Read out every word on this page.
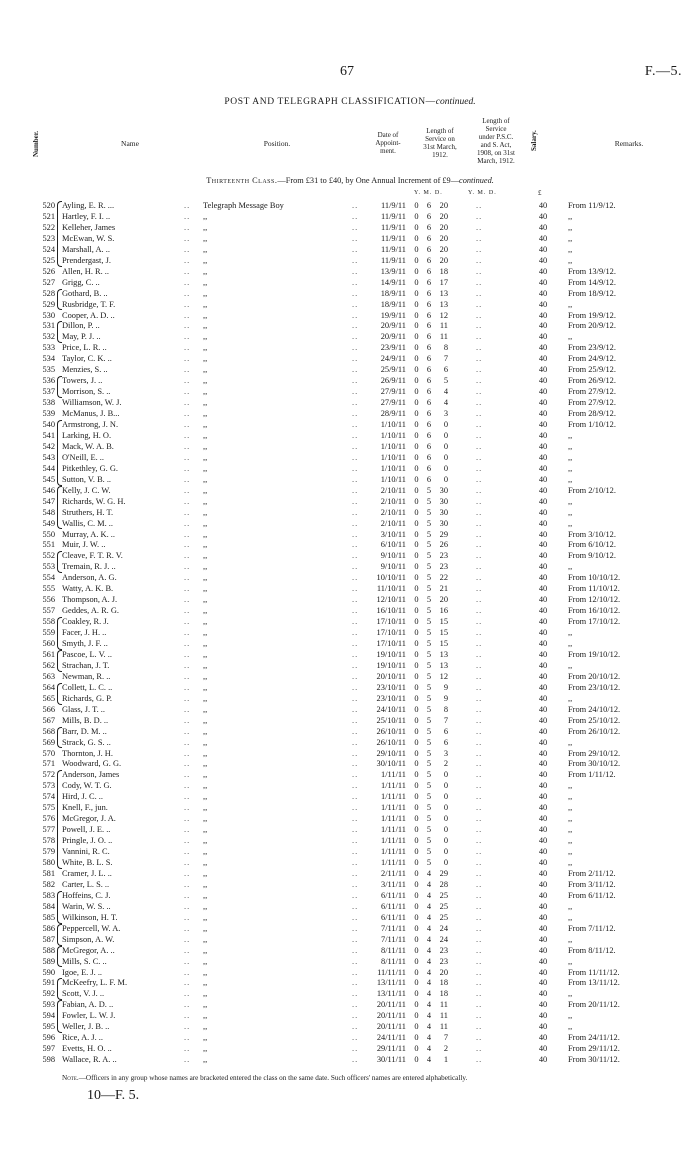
67	F.—5.
POST AND TELEGRAPH CLASSIFICATION—continued.
Number.	Name	Position.
Date of
Appoint-
ment.
Length of
Service on
31st March,
1912.
Length of
Service
under P.S.C.
and S. Act,
1908, on 31st
March, 1912.
Salary.	Remarks.
Thirteenth Class.—From £31 to £40, by One Annual Increment of £9—continued.
Y. M. D.	Y. M. D.	£
520 Ayling, E. R. ...	.. Telegraph Message Boy	..	11/9/11 0 6	20	..	40	From 11/9/12.
521 Hartley, F. I. ..	.. ,,	..	11/9/11 0 6	20	..	40	,,
522 Kelleher, James	.. ,,	..	11/9/11 0 6	20	..	40	,,
523 McEwan, W. S.	.. ,,	..	11/9/11 0 6	20	..	40	,,
524 Marshall, A. ..	.. ,,	..	11/9/11 0 6	20	..	40	,,
525 Prendergast, J.	.. ,,	..	11/9/11 0 6	20	..	40	,,
526 Allen, H. R. ..	.. ,,	..	13/9/11 0 6	18	..	40	From 13/9/12.
527 Grigg, C. ..	.. ,,	..	14/9/11 0 6	17	..	40	From 14/9/12.
528 Gothard, B. ..	.. ,,	..	18/9/11 0 6	13	..	40	From 18/9/12.
529 Rusbridge, T. F.	.. ,,	..	18/9/11 0 6	13	..	40	,,
530 Cooper, A. D. ..	.. ,,	..	19/9/11 0 6	12	..	40	From 19/9/12.
531 Dillon, P. ..	.. ,,	..	20/9/11 0 6	11	..	40	From 20/9/12.
532 May, P. J. ..	.. ,,	..	20/9/11 0 6	11	..	40	,,
533 Price, L. R. ..	.. ,,	..	23/9/11 0 6	8	..	40	From 23/9/12.
534 Taylor, C. K. ..	.. ,,	..	24/9/11 0 6	7	..	40	From 24/9/12.
535 Menzies, S. ..	.. ,,	..	25/9/11 0 6	6	..	40	From 25/9/12.
536 Towers, J. ..	.. ,,	..	26/9/11 0 6	5	..	40	From 26/9/12.
537 Morrison, S. ..	.. ,,	..	27/9/11 0 6	4	..	40	From 27/9/12.
538 Williamson, W. J.	.. ,,	..	27/9/11 0 6	4	..	40	From 27/9/12.
539 McManus, J. B...	.. ,,	..	28/9/11 0 6	3	..	40	From 28/9/12.
540 Armstrong, J. N.	.. ,,	..	1/10/11 0 6	0	..	40	From 1/10/12.
541 Larking, H. O.	.. ,,	..	1/10/11 0 6	0	..	40	,,
542 Mack, W. A. B.	.. ,,	..	1/10/11 0 6	0	..	40	,,
543 O'Neill, E. ..	.. ,,	..	1/10/11 0 6	0	..	40	,,
544 Pitkethley, G. G.	.. ,,	..	1/10/11 0 6	0	..	40	,,
545 Sutton, V. B. ..	.. ,,	..	1/10/11 0 6	0	..	40	,,
546 Kelly, J. C. W.	.. ,,	..	2/10/11 0 5	30	..	40	From 2/10/12.
547 Richards, W. G. H.	.. ,,	..	2/10/11 0 5	30	..	40	,,
548 Struthers, H. T.	.. ,,	..	2/10/11 0 5	30	..	40	,,
549 Wallis, C. M. ..	.. ,,	..	2/10/11 0 5	30	..	40	,,
550 Murray, A. K. ..	.. ,,	..	3/10/11 0 5	29	..	40	From 3/10/12.
551 Muir, J. W. ..	.. ,,	..	6/10/11 0 5	26	..	40	From 6/10/12.
552 Cleave, F. T. R. V.	.. ,,	..	9/10/11 0 5	23	..	40	From 9/10/12.
553 Tremain, R. J. ..	.. ,,	..	9/10/11 0 5	23	..	40	,,
554 Anderson, A. G.	.. ,,	..	10/10/11 0 5	22	..	40	From 10/10/12.
555 Watty, A. K. B.	.. ,,	..	11/10/11 0 5	21	..	40	From 11/10/12.
556 Thompson, A. J.	.. ,,	..	12/10/11 0 5	20	..	40	From 12/10/12.
557 Geddes, A. R. G.	.. ,,	..	16/10/11 0 5	16	..	40	From 16/10/12.
558 Coakley, R. J.	.. ,,	..	17/10/11 0 5	15	..	40	From 17/10/12.
559 Facer, J. H. ..	.. ,,	..	17/10/11 0 5	15	..	40	,,
560 Smyth, J. F. ..	.. ,,	..	17/10/11 0 5	15	..	40	,,
561 Pascoe, L. V. ..	.. ,,	..	19/10/11 0 5	13	..	40	From 19/10/12.
562 Strachan, J. T.	.. ,,	..	19/10/11 0 5	13	..	40	,,
563 Newman, R. ..	.. ,,	..	20/10/11 0 5	12	..	40	From 20/10/12.
564 Collett, L. C. ..	.. ,,	..	23/10/11 0 5	9	..	40	From 23/10/12.
565 Richards, G. P.	.. ,,	..	23/10/11 0 5	9	..	40	,,
566 Glass, J. T. ..	.. ,,	..	24/10/11 0 5	8	..	40	From 24/10/12.
567 Mills, B. D. ..	.. ,,	..	25/10/11 0 5	7	..	40	From 25/10/12.
568 Barr, D. M. ..	.. ,,	..	26/10/11 0 5	6	..	40	From 26/10/12.
569 Strack, G. S. ..	.. ,,	..	26/10/11 0 5	6	..	40	,,
570 Thornton, J. H.	.. ,,	..	29/10/11 0 5	3	..	40	From 29/10/12.
571 Woodward, G. G.	.. ,,	..	30/10/11 0 5	2	..	40	From 30/10/12.
572 Anderson, James	.. ,,	..	1/11/11 0 5	0	..	40	From 1/11/12.
573 Cody, W. T. G.	.. ,,	..	1/11/11 0 5	0	..	40	,,
574 Hird, J. C. ..	.. ,,	..	1/11/11 0 5	0	..	40	,,
575 Knell, F., jun.	.. ,,	..	1/11/11 0 5	0	..	40	,,
576 McGregor, J. A.	.. ,,	..	1/11/11 0 5	0	..	40	,,
577 Powell, J. E. ..	.. ,,	..	1/11/11 0 5	0	..	40	,,
578 Pringle, J. O. ..	.. ,,	..	1/11/11 0 5	0	..	40	,,
579 Vannini, R. C.	.. ,,	..	1/11/11 0 5	0	..	40	,,
580 White, B. L. S.	.. ,,	..	1/11/11 0 5	0	..	40	,,
581 Cramer, J. L. ..	.. ,,	..	2/11/11 0 4	29	..	40	From 2/11/12.
582 Carter, L. S. ..	.. ,,	..	3/11/11 0 4	28	..	40	From 3/11/12.
583 Hoffeins, C. J.	.. ,,	..	6/11/11 0 4	25	..	40	From 6/11/12.
584 Warin, W. S. ..	.. ,,	..	6/11/11 0 4	25	..	40	,,
585 Wilkinson, H. T.	.. ,,	..	6/11/11 0 4	25	..	40	,,
586 Peppercell, W. A.	.. ,,	..	7/11/11 0 4	24	..	40	From 7/11/12.
587 Simpson, A. W.	.. ,,	..	7/11/11 0 4	24	..	40	,,
588 McGregor, A. ..	.. ,,	..	8/11/11 0 4	23	..	40	From 8/11/12.
589 Mills, S. C. ..	.. ,,	..	8/11/11 0 4	23	..	40	,,
590 Igoe, E. J. ..	.. ,,	..	11/11/11 0 4	20	..	40	From 11/11/12.
591 McKeefry, L. F. M.	.. ,,	..	13/11/11 0 4	18	..	40	From 13/11/12.
592 Scott, V. J. ..	.. ,,	..	13/11/11 0 4	18	..	40	,,
593 Fabian, A. D. ..	.. ,,	..	20/11/11 0 4	11	..	40	From 20/11/12.
594 Fowler, L. W. J.	.. ,,	..	20/11/11 0 4	11	..	40	,,
595 Weller, J. B. ..	.. ,,	..	20/11/11 0 4	11	..	40	,,
596 Rice, A. J. ..	.. ,,	..	24/11/11 0 4	7	..	40	From 24/11/12.
597 Evetts, H. O. ..	.. ,,	..	29/11/11 0 4	2	..	40	From 29/11/12.
598 Wallace, R. A. ..	.. ,,	..	30/11/11 0 4	1	..	40	From 30/11/12.
Note.—Officers in any group whose names are bracketed entered the class on the same date. Such officers' names are entered alphabetically.
10—F. 5.
